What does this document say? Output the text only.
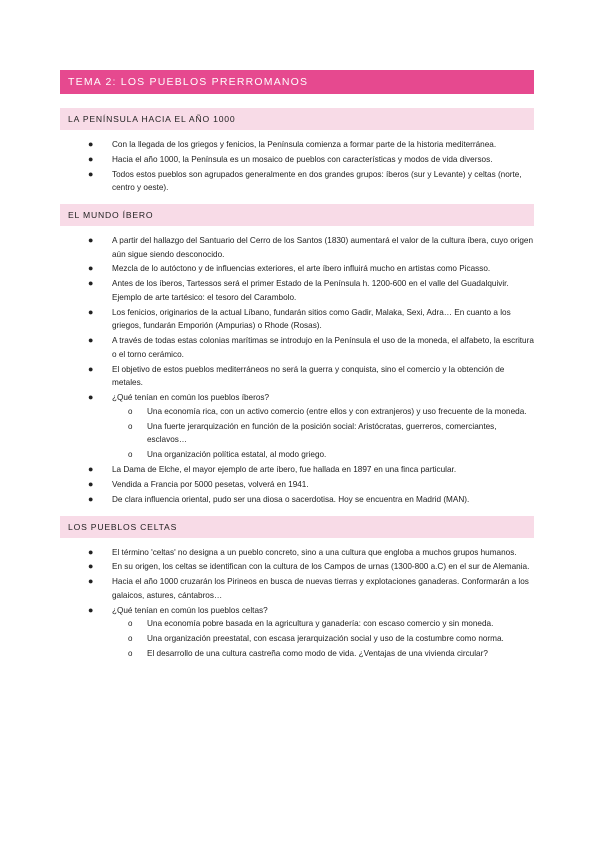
TEMA 2: LOS PUEBLOS PRERROMANOS
LA PENÍNSULA HACIA EL AÑO 1000
● Con la llegada de los griegos y fenicios, la Península comienza a formar parte de la historia mediterránea.
● Hacia el año 1000, la Península es un mosaico de pueblos con características y modos de vida diversos.
● Todos estos pueblos son agrupados generalmente en dos grandes grupos: íberos (sur y Levante) y celtas (norte, centro y oeste).
EL MUNDO ÍBERO
● A partir del hallazgo del Santuario del Cerro de los Santos (1830) aumentará el valor de la cultura íbera, cuyo origen aún sigue siendo desconocido.
● Mezcla de lo autóctono y de influencias exteriores, el arte íbero influirá mucho en artistas como Picasso.
● Antes de los íberos, Tartessos será el primer Estado de la Península h. 1200-600 en el valle del Guadalquivir. Ejemplo de arte tartésico: el tesoro del Carambolo.
● Los fenicios, originarios de la actual Líbano, fundarán sitios como Gadir, Malaka, Sexi, Adra… En cuanto a los griegos, fundarán Emporión (Ampurias) o Rhode (Rosas).
● A través de todas estas colonias marítimas se introdujo en la Península el uso de la moneda, el alfabeto, la escritura o el torno cerámico.
● El objetivo de estos pueblos mediterráneos no será la guerra y conquista, sino el comercio y la obtención de metales.
● ¿Qué tenían en común los pueblos íberos?
o Una economía rica, con un activo comercio (entre ellos y con extranjeros) y uso frecuente de la moneda.
o Una fuerte jerarquización en función de la posición social: Aristócratas, guerreros, comerciantes, esclavos…
o Una organización política estatal, al modo griego.
● La Dama de Elche, el mayor ejemplo de arte íbero, fue hallada en 1897 en una finca particular.
● Vendida a Francia por 5000 pesetas, volverá en 1941.
● De clara influencia oriental, pudo ser una diosa o sacerdotisa. Hoy se encuentra en Madrid (MAN).
LOS PUEBLOS CELTAS
● El término 'celtas' no designa a un pueblo concreto, sino a una cultura que engloba a muchos grupos humanos.
● En su origen, los celtas se identifican con la cultura de los Campos de urnas (1300-800 a.C) en el sur de Alemania.
● Hacia el año 1000 cruzarán los Pirineos en busca de nuevas tierras y explotaciones ganaderas. Conformarán a los galaicos, astures, cántabros…
● ¿Qué tenían en común los pueblos celtas?
o Una economía pobre basada en la agricultura y ganadería: con escaso comercio y sin moneda.
o Una organización preestatal, con escasa jerarquización social y uso de la costumbre como norma.
o El desarrollo de una cultura castreña como modo de vida. ¿Ventajas de una vivienda circular?
